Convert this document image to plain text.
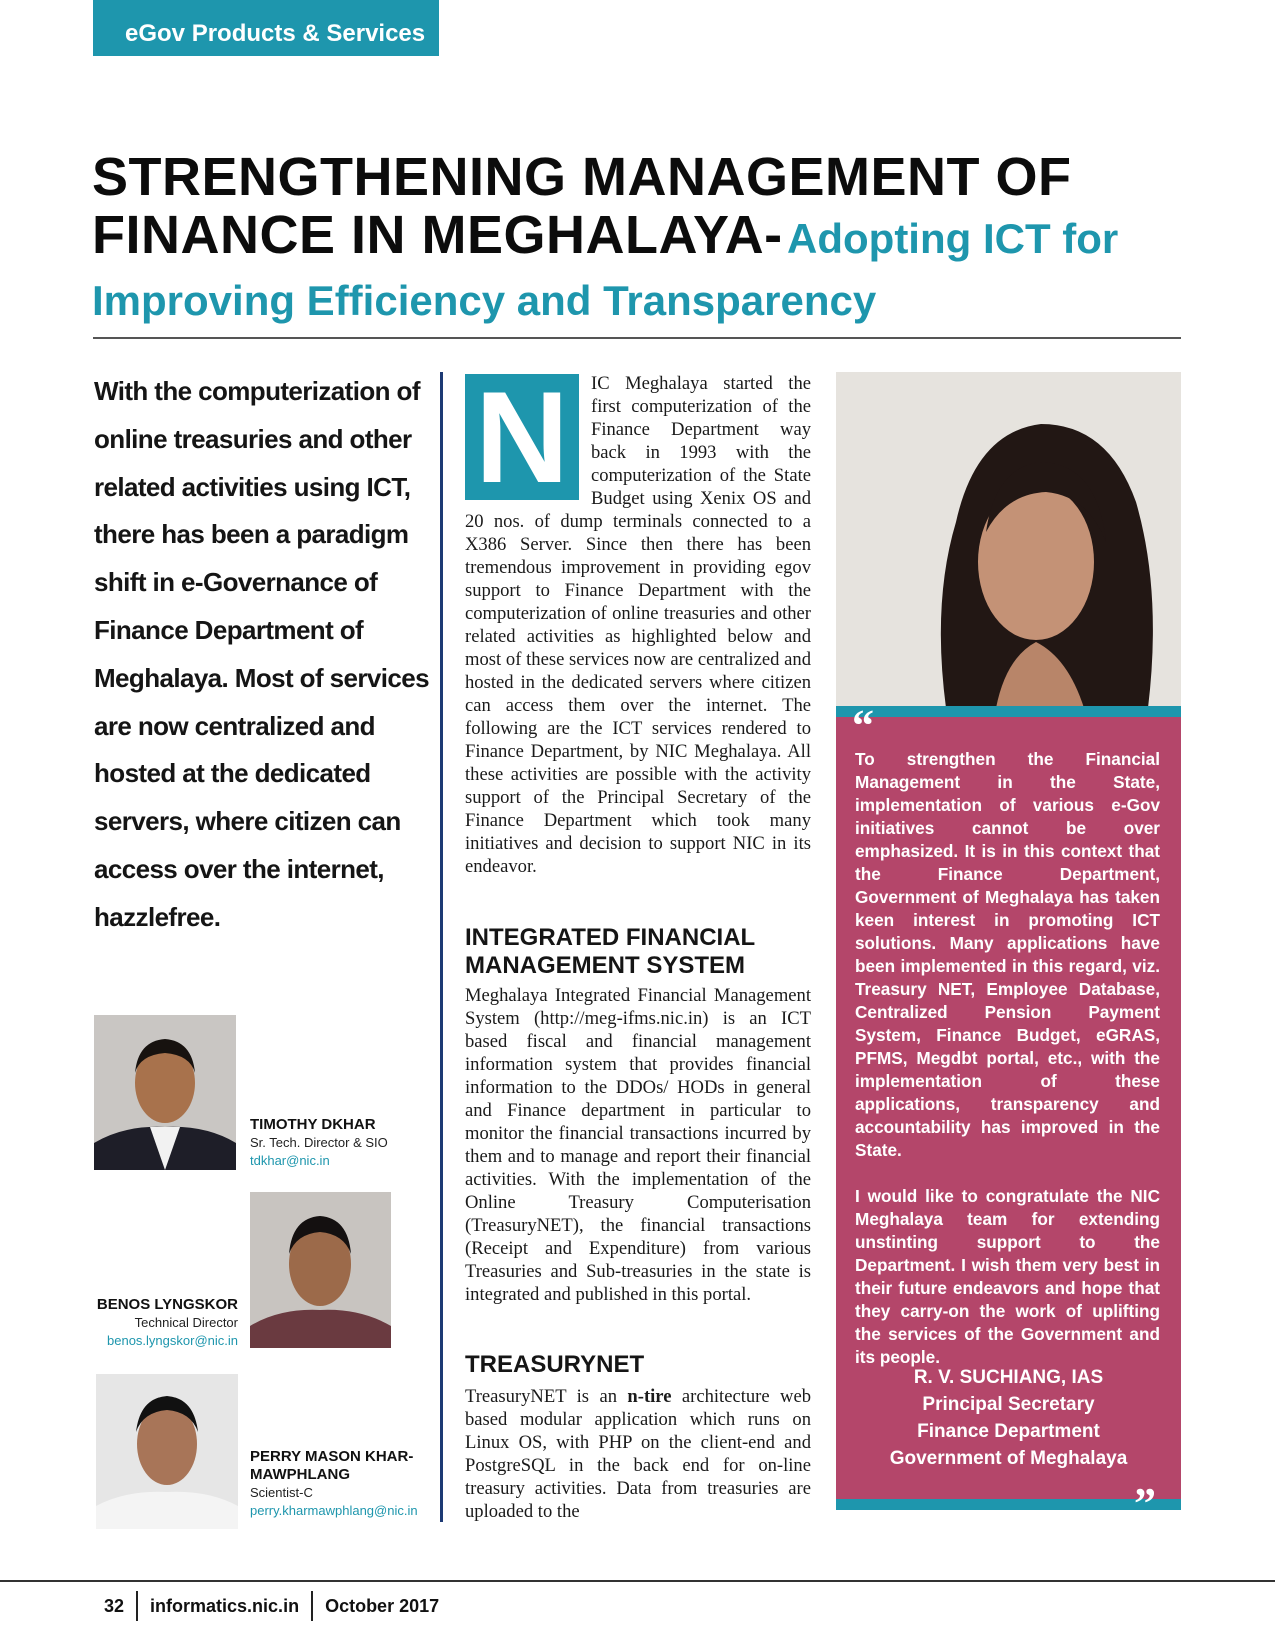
eGov Products & Services
STRENGTHENING MANAGEMENT OF
FINANCE IN MEGHALAYA- Adopting ICT for
Improving Efficiency and Transparency
With the computerization of online treasuries and other related activities using ICT, there has been a paradigm shift in e-Governance of Finance Department of Meghalaya. Most of services are now centralized and hosted at the dedicated servers, where citizen can access over the internet, hazzlefree.
TIMOTHY DKHAR
Sr. Tech. Director & SIO
tdkhar@nic.in
BENOS LYNGSKOR
Technical Director
benos.lyngskor@nic.in
PERRY MASON KHAR-MAWPHLANG
Scientist-C
perry.kharmawphlang@nic.in
N	IC Meghalaya started the first computerization of the Finance Department way back in 1993 with the computerization of the State Budget using Xenix OS and 20 nos. of dump terminals connected to a X386 Server. Since then there has been tremendous improvement in providing egov support to Finance Department with the computerization of online treasuries and other related activities as highlighted below and most of these services now are centralized and hosted in the dedicated servers where citizen can access them over the internet. The following are the ICT services rendered to Finance Department, by NIC Meghalaya. All these activities are possible with the activity support of the Principal Secretary of the Finance Department which took many initiatives and decision to support NIC in its endeavor.
INTEGRATED FINANCIAL MANAGEMENT SYSTEM
Meghalaya Integrated Financial Management System (http://meg-ifms.nic.in) is an ICT based fiscal and financial management information system that provides financial information to the DDOs/ HODs in general and Finance department in particular to monitor the financial transactions incurred by them and to manage and report their financial activities. With the implementation of the Online Treasury Computerisation (TreasuryNET), the financial transactions (Receipt and Expenditure) from various Treasuries and Sub-treasuries in the state is integrated and published in this portal.
TREASURYNET
TreasuryNET is an n-tire architecture web based modular application which runs on Linux OS, with PHP on the client-end and PostgreSQL in the back end for on-line treasury activities. Data from treasuries are uploaded to the
“

To strengthen the Financial Management in the State, implementation of various e-Gov initiatives cannot be over emphasized. It is in this context that the Finance Department, Government of Meghalaya has taken keen interest in promoting ICT solutions. Many applications have been implemented in this regard, viz. Treasury NET, Employee Database, Centralized Pension Payment System, Finance Budget, eGRAS, PFMS, Megdbt portal, etc., with the implementation of these applications, transparency and accountability has improved in the State.

I would like to congratulate the NIC Meghalaya team for extending unstinting support to the Department. I wish them very best in their future endeavors and hope that they carry-on the work of uplifting the services of the Government and its people.

R. V. SUCHIANG, IAS
Principal Secretary
Finance Department
Government of Meghalaya
”
32 informatics.nic.in October 2017
